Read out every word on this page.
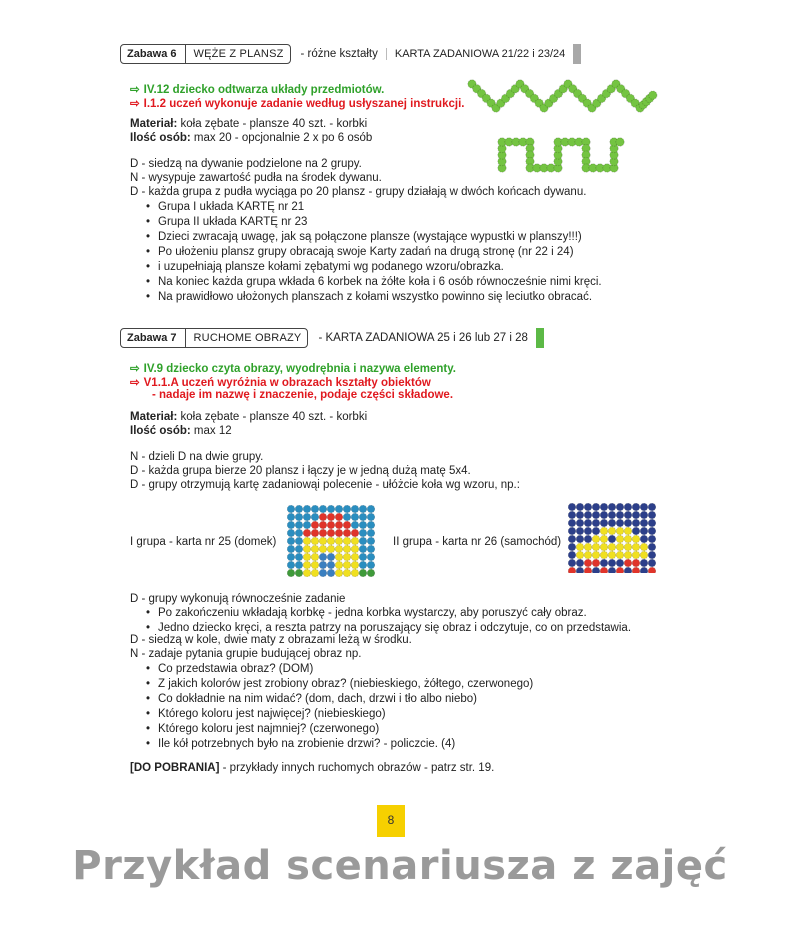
Zabawa 6	WĘŻE Z PLANSZ - różne kształty	KARTA ZADANIOWA 21/22 i 23/24
⇨ IV.12 dziecko odtwarza układy przedmiotów.
⇨ I.1.2 uczeń wykonuje zadanie według usłyszanej instrukcji.
Materiał: koła zębate - plansze 40 szt. - korbki
Ilość osób: max 20 - opcjonalnie 2 x po 6 osób
D - siedzą na dywanie podzielone na 2 grupy.
N - wysypuje zawartość pudła na środek dywanu.
D - każda grupa z pudła wyciąga po 20 plansz - grupy działają w dwóch końcach dywanu.
• Grupa I układa KARTĘ nr 21
• Grupa II układa KARTĘ nr 23
• Dzieci zwracają uwagę, jak są połączone plansze (wystające wypustki w planszy!!!)
• Po ułożeniu plansz grupy obracają swoje Karty zadań na drugą stronę (nr 22 i 24)
• i uzupełniają plansze kołami zębatymi wg podanego wzoru/obrazka.
• Na koniec każda grupa wkłada 6 korbek na żółte koła i 6 osób równocześnie nimi kręci.
• Na prawidłowo ułożonych planszach z kołami wszystko powinno się leciutko obracać.
Zabawa 7	RUCHOME OBRAZY - KARTA ZADANIOWA 25 i 26 lub 27 i 28
⇨ IV.9 dziecko czyta obrazy, wyodrębnia i nazywa elementy.
⇨ V1.1.A uczeń wyróżnia w obrazach kształty obiektów
- nadaje im nazwę i znaczenie, podaje części składowe.
Materiał: koła zębate - plansze 40 szt. - korbki
Ilość osób: max 12
N - dzieli D na dwie grupy.
D - każda grupa bierze 20 plansz i łączy je w jedną dużą matę 5x4.
D - grupy otrzymują kartę zadaniowąi polecenie - ułóżcie koła wg wzoru, np.:
I grupa - karta nr 25 (domek)	II grupa - karta nr 26 (samochód)
D - grupy wykonują równocześnie zadanie
• Po zakończeniu wkładają korbkę - jedna korbka wystarczy, aby poruszyć cały obraz.
• Jedno dziecko kręci, a reszta patrzy na poruszający się obraz i odczytuje, co on przedstawia.
D - siedzą w kole, dwie maty z obrazami leżą w środku.
N - zadaje pytania grupie budującej obraz np.
• Co przedstawia obraz? (DOM)
• Z jakich kolorów jest zrobiony obraz? (niebieskiego, żółtego, czerwonego)
• Co dokładnie na nim widać? (dom, dach, drzwi i tło albo niebo)
• Którego koloru jest najwięcej? (niebieskiego)
• Którego koloru jest najmniej? (czerwonego)
• Ile kół potrzebnych było na zrobienie drzwi? - policzcie. (4)
[DO POBRANIA] - przykłady innych ruchomych obrazów - patrz str. 19.
8
Przykład scenariusza z zajęć
